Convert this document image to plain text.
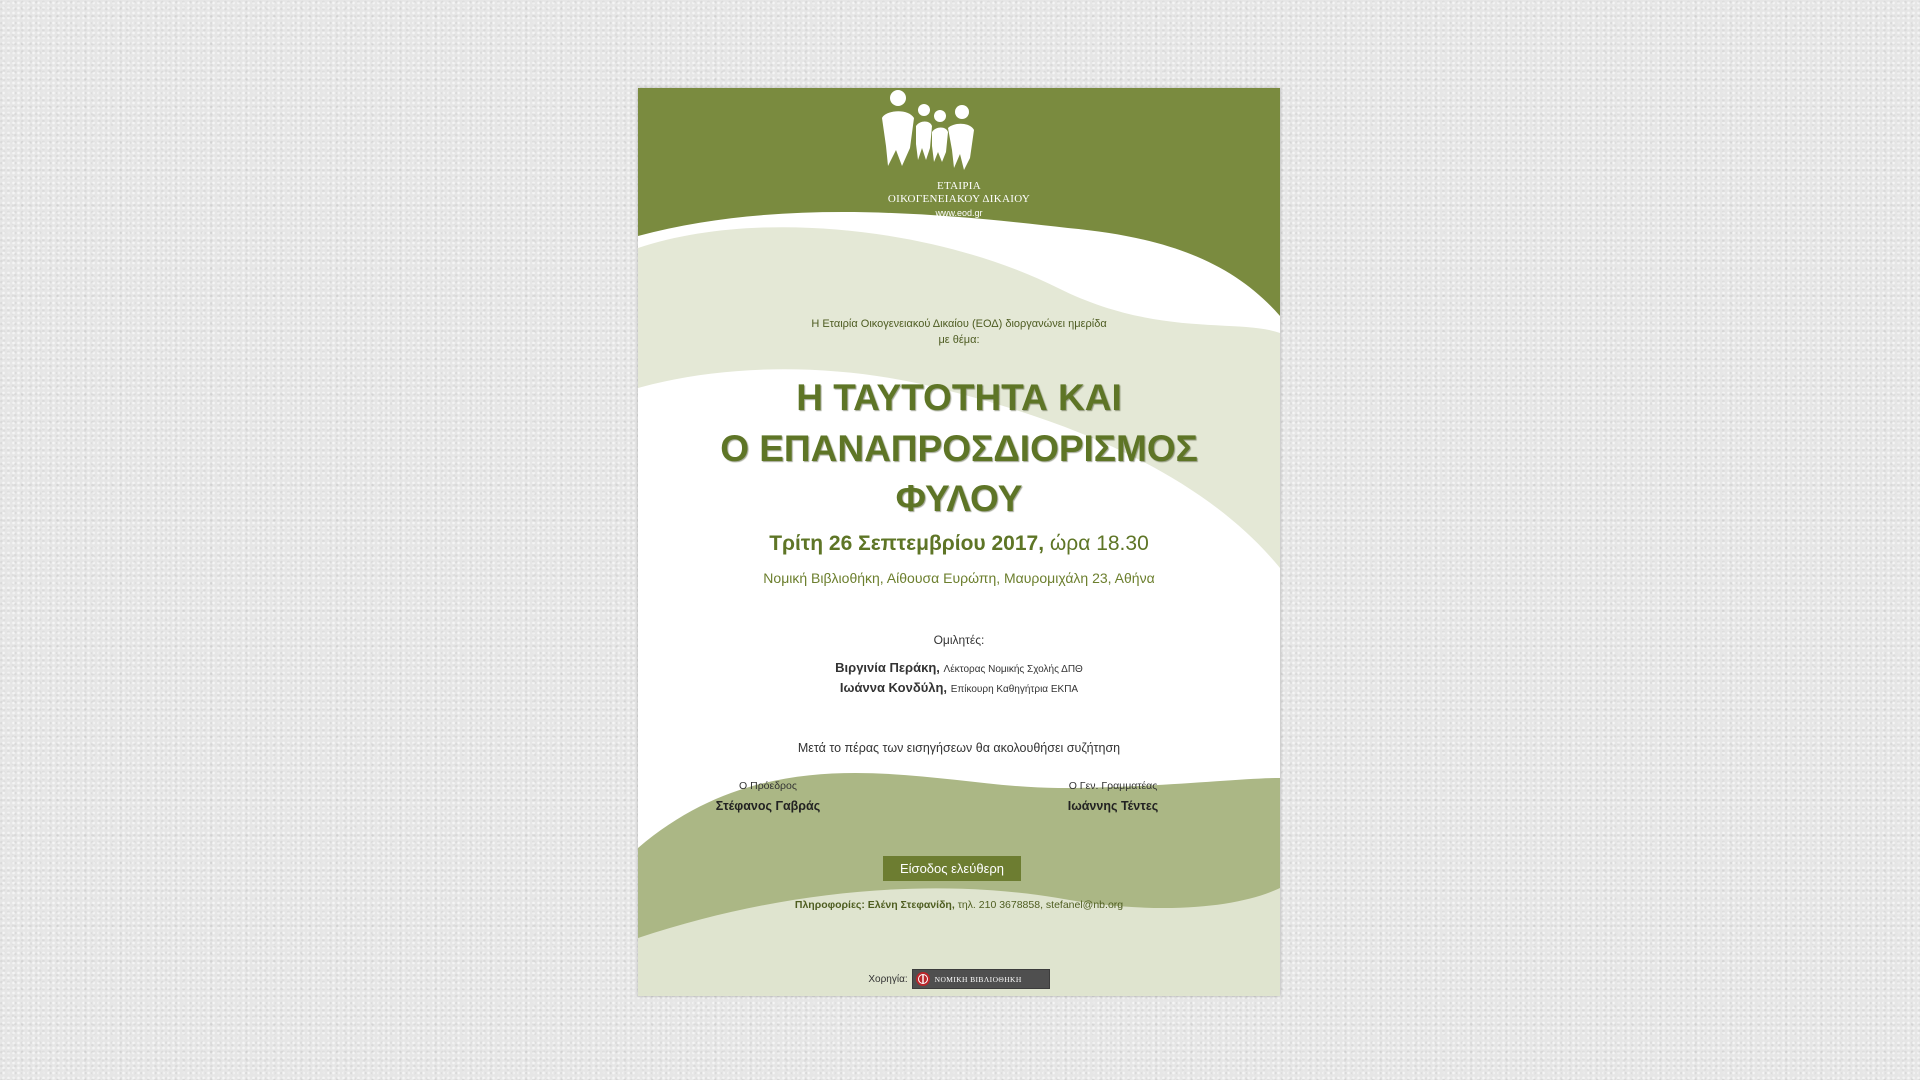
ΕΤΑΙΡΙΑ
ΟΙΚΟΓΕΝΕΙΑΚΟΥ ΔΙΚΑΙΟΥ
www.eod.gr
Η Εταιρία Οικογενειακού Δικαίου (ΕΟΔ) διοργανώνει ημερίδα
με θέμα:
Η ΤΑΥΤΟΤΗΤΑ ΚΑΙ
Ο ΕΠΑΝΑΠΡΟΣΔΙΟΡΙΣΜΟΣ
ΦΥΛΟΥ
Τρίτη 26 Σεπτεμβρίου 2017, ώρα 18.30
Νομική Βιβλιοθήκη, Αίθουσα Ευρώπη, Μαυρομιχάλη 23, Αθήνα
Ομιλητές:
Βιργινία Περάκη, Λέκτορας Νομικής Σχολής ΔΠΘ
Ιωάννα Κονδύλη, Επίκουρη Καθηγήτρια ΕΚΠΑ
Μετά το πέρας των εισηγήσεων θα ακολουθήσει συζήτηση
Ο Πρόεδρος
Στέφανος Γαβράς
Ο Γεν. Γραμματέας
Ιωάννης Τέντες
Είσοδος ελεύθερη
Πληροφορίες: Ελένη Στεφανίδη, τηλ. 210 3678858, stefanel@nb.org
Χορηγία:	ΝΟΜΙΚΗ ΒΙΒΛΙΟΘΗΚΗ
